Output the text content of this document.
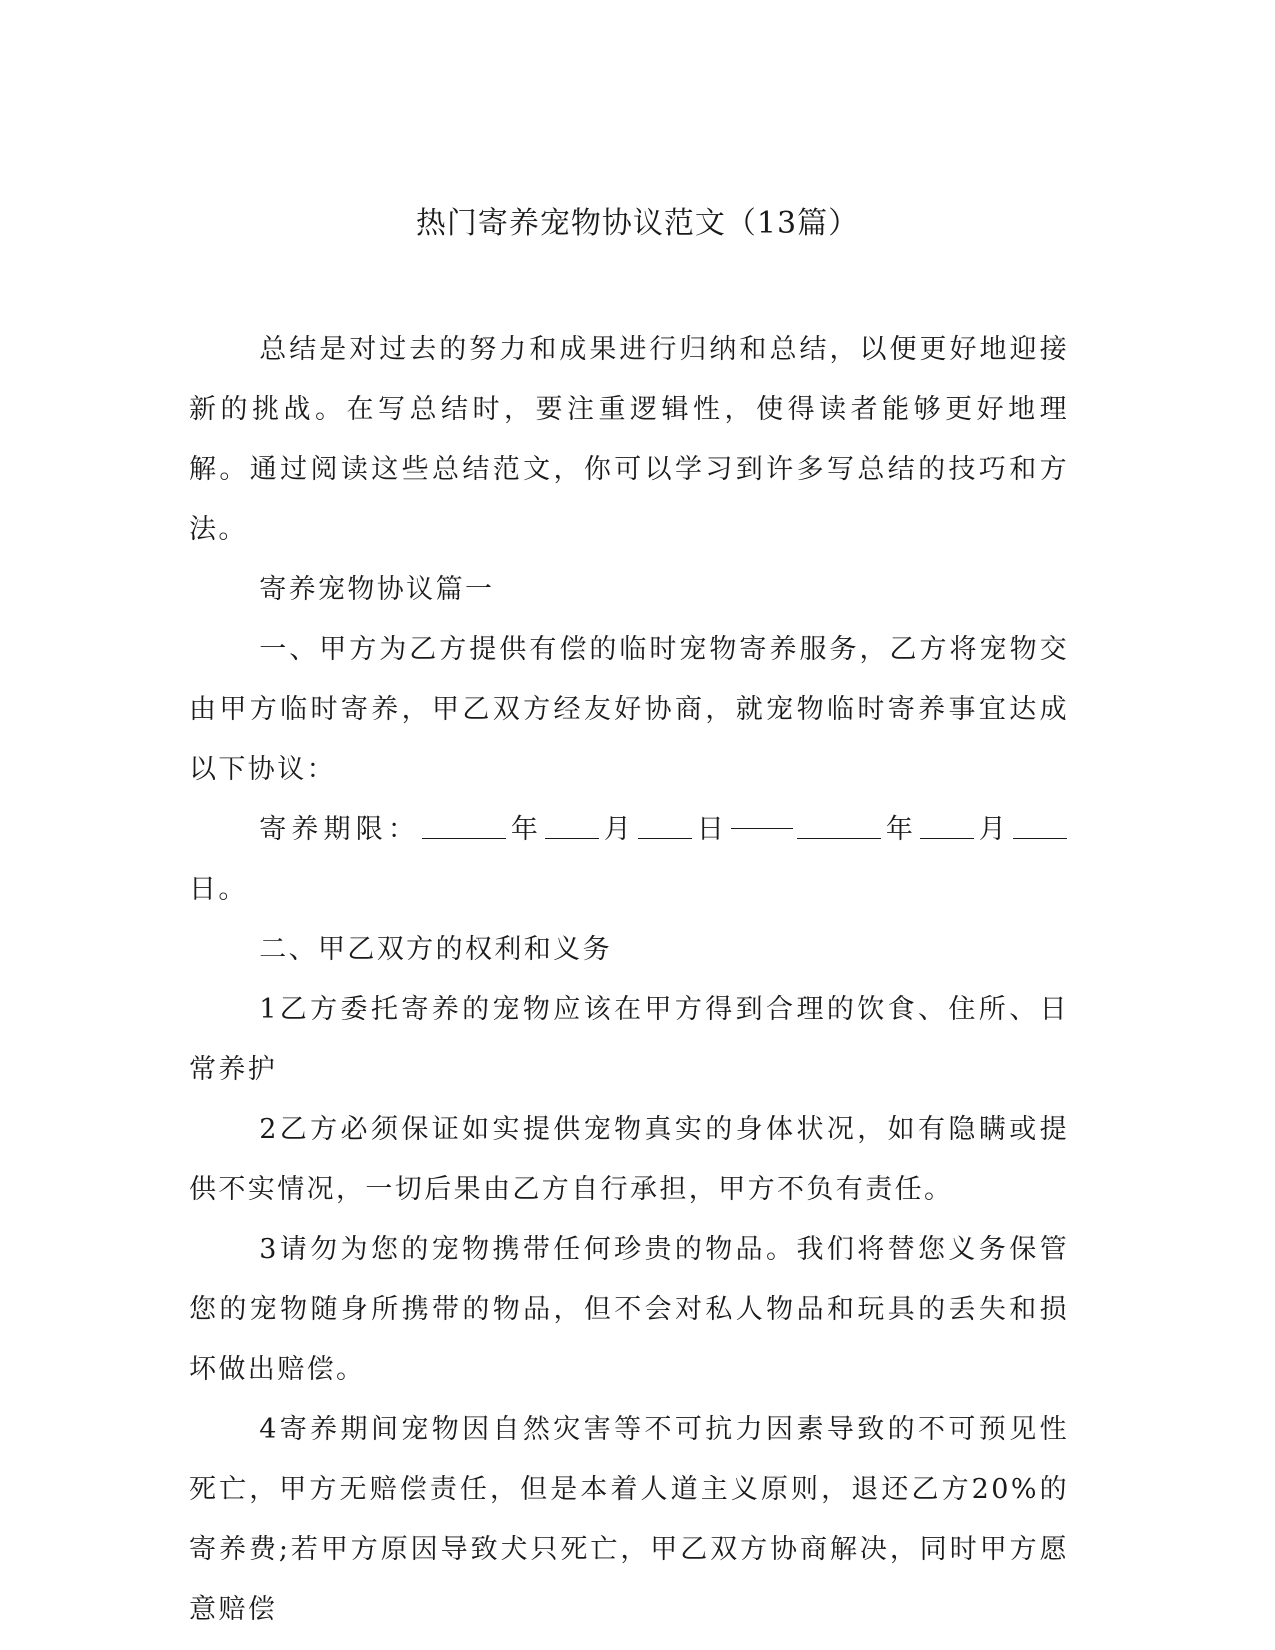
热门寄养宠物协议范文（13篇）

总结是对过去的努力和成果进行归纳和总结，以便更好地迎接新的挑战。在写总结时，要注重逻辑性，使得读者能够更好地理解。通过阅读这些总结范文，你可以学习到许多写总结的技巧和方法。

寄养宠物协议篇一

一、甲方为乙方提供有偿的临时宠物寄养服务，乙方将宠物交由甲方临时寄养，甲乙双方经友好协商，就宠物临时寄养事宜达成以下协议：

寄养期限：	年 月 日	年 月日。

二、甲乙双方的权利和义务

1乙方委托寄养的宠物应该在甲方得到合理的饮食、住所、日常养护

2乙方必须保证如实提供宠物真实的身体状况，如有隐瞒或提供不实情况，一切后果由乙方自行承担，甲方不负有责任。

3请勿为您的宠物携带任何珍贵的物品。我们将替您义务保管您的宠物随身所携带的物品，但不会对私人物品和玩具的丢失和损坏做出赔偿。

4寄养期间宠物因自然灾害等不可抗力因素导致的不可预见性死亡，甲方无赔偿责任，但是本着人道主义原则，退还乙方20%的寄养费;若甲方原因导致犬只死亡，甲乙双方协商解决，同时甲方愿意赔偿
